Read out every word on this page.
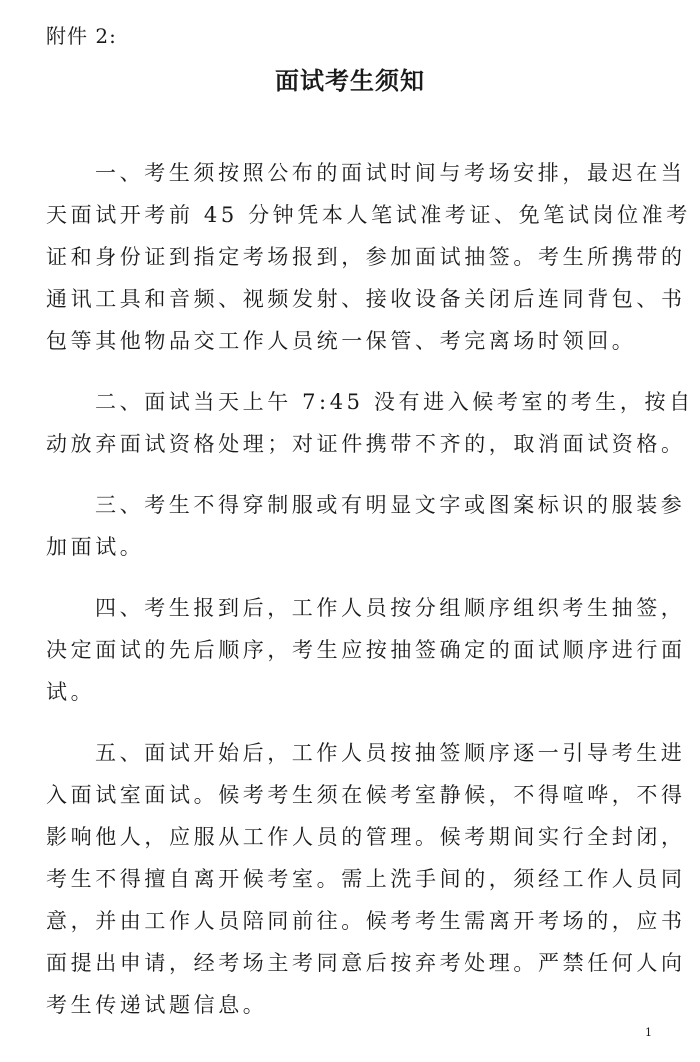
附件 2:
面试考生须知
一、考生须按照公布的面试时间与考场安排，最迟在当
天面试开考前 45 分钟凭本人笔试准考证、免笔试岗位准考
证和身份证到指定考场报到，参加面试抽签。考生所携带的
通讯工具和音频、视频发射、接收设备关闭后连同背包、书
包等其他物品交工作人员统一保管、考完离场时领回。
二、面试当天上午 7:45 没有进入候考室的考生，按自
动放弃面试资格处理；对证件携带不齐的，取消面试资格。
三、考生不得穿制服或有明显文字或图案标识的服装参
加面试。
四、考生报到后，工作人员按分组顺序组织考生抽签，
决定面试的先后顺序，考生应按抽签确定的面试顺序进行面
试。
五、面试开始后，工作人员按抽签顺序逐一引导考生进
入面试室面试。候考考生须在候考室静候，不得喧哗，不得
影响他人，应服从工作人员的管理。候考期间实行全封闭，
考生不得擅自离开候考室。需上洗手间的，须经工作人员同
意，并由工作人员陪同前往。候考考生需离开考场的，应书
面提出申请，经考场主考同意后按弃考处理。严禁任何人向
考生传递试题信息。
1
